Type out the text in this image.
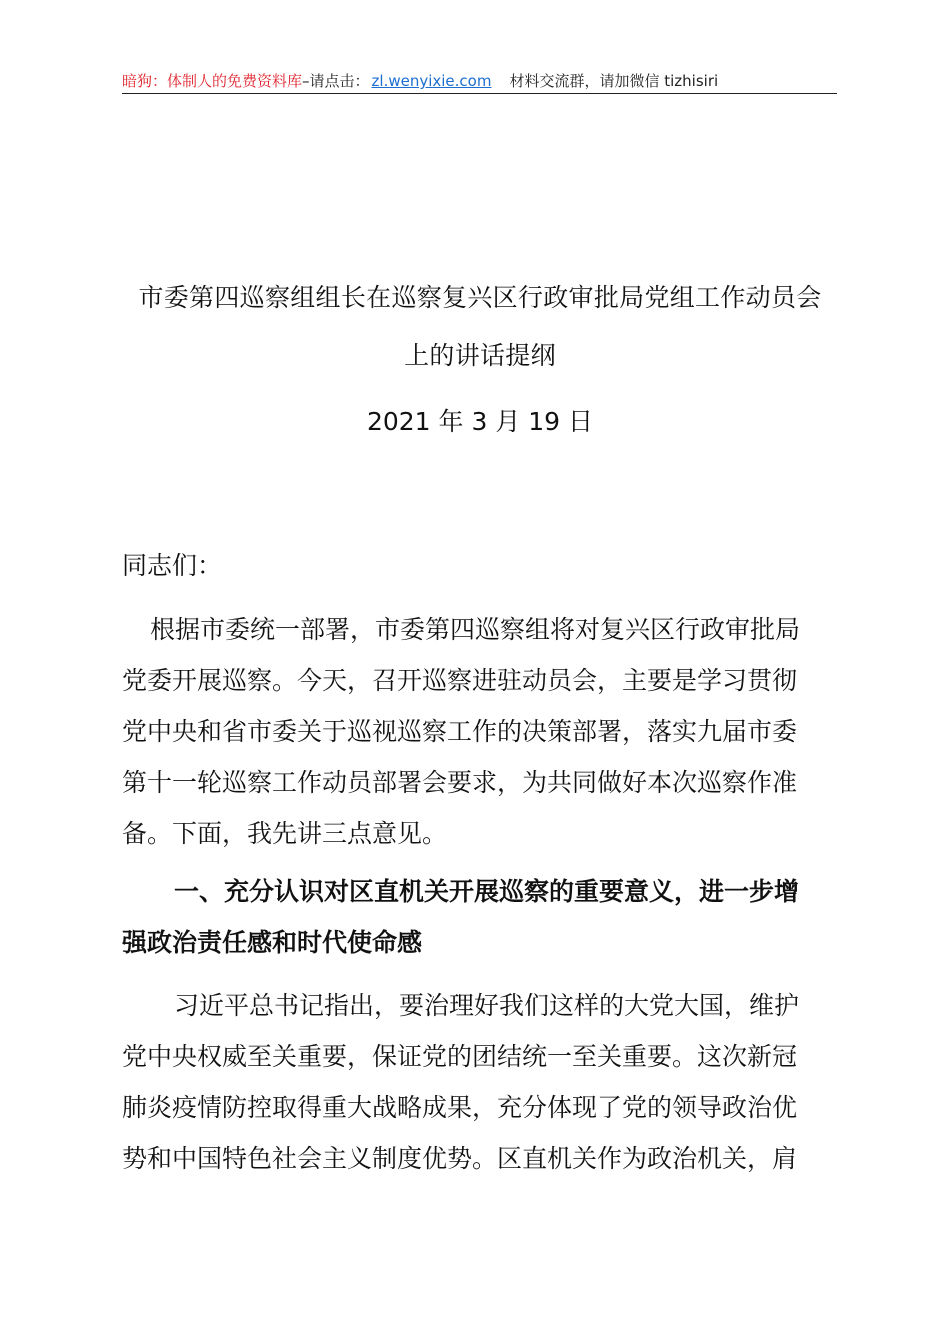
暗狗：体制人的免费资料库 –请点击： zl.wenyixie.com 材料交流群，请加微信 tizhisiri
市委第四巡察组组长在巡察复兴区行政审批局党组工作动员会
上的讲话提纲
2021 年 3 月 19 日
同志们：
根据市委统一部署，市委第四巡察组将对复兴区行政审批局
党委开展巡察。今天，召开巡察进驻动员会，主要是学习贯彻
党中央和省市委关于巡视巡察工作的决策部署，落实九届市委
第十一轮巡察工作动员部署会要求，为共同做好本次巡察作准
备。下面，我先讲三点意见。
一、充分认识对区直机关开展巡察的重要意义，进一步增
强政治责任感和时代使命感
习近平总书记指出，要治理好我们这样的大党大国，维护
党中央权威至关重要，保证党的团结统一至关重要。这次新冠
肺炎疫情防控取得重大战略成果，充分体现了党的领导政治优
势和中国特色社会主义制度优势。区直机关作为政治机关，肩
